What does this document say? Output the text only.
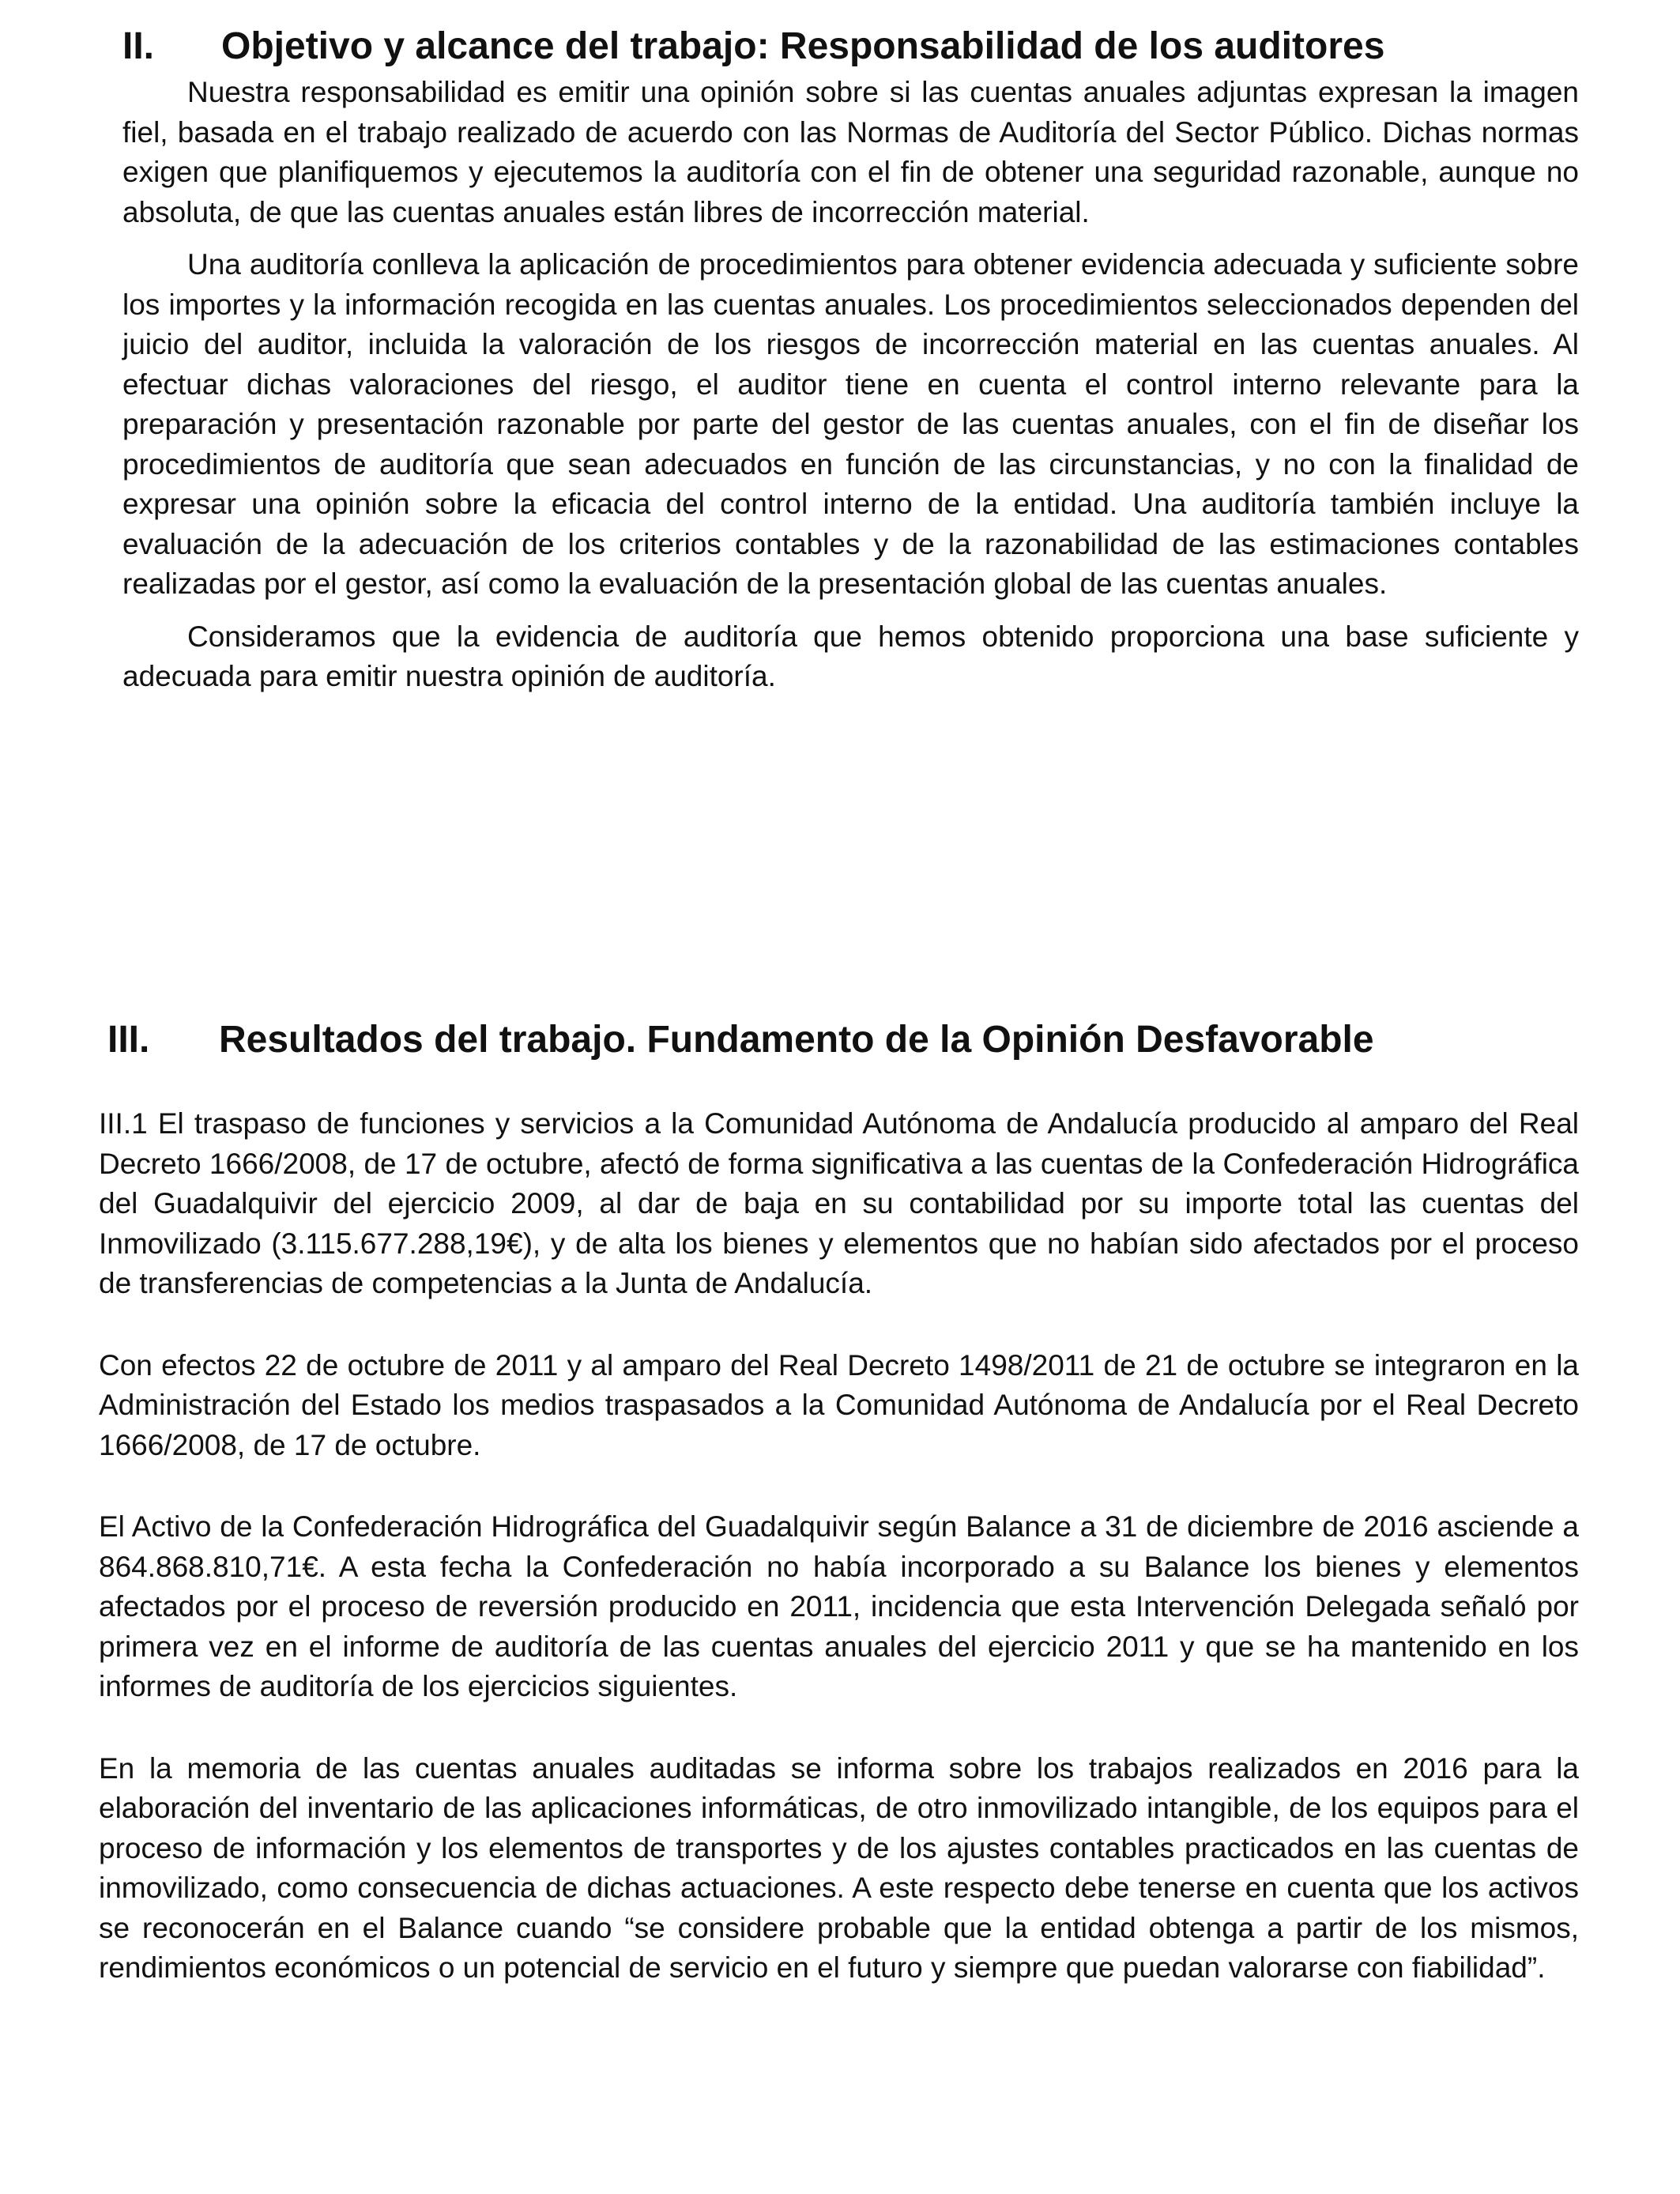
II. Objetivo y alcance del trabajo: Responsabilidad de los auditores

Nuestra responsabilidad es emitir una opinión sobre si las cuentas anuales adjuntas expresan la imagen fiel, basada en el trabajo realizado de acuerdo con las Normas de Auditoría del Sector Público. Dichas normas exigen que planifiquemos y ejecutemos la auditoría con el fin de obtener una seguridad razonable, aunque no absoluta, de que las cuentas anuales están libres de incorrección material.

Una auditoría conlleva la aplicación de procedimientos para obtener evidencia adecuada y suficiente sobre los importes y la información recogida en las cuentas anuales. Los procedimientos seleccionados dependen del juicio del auditor, incluida la valoración de los riesgos de incorrección material en las cuentas anuales. Al efectuar dichas valoraciones del riesgo, el auditor tiene en cuenta el control interno relevante para la preparación y presentación razonable por parte del gestor de las cuentas anuales, con el fin de diseñar los procedimientos de auditoría que sean adecuados en función de las circunstancias, y no con la finalidad de expresar una opinión sobre la eficacia del control interno de la entidad. Una auditoría también incluye la evaluación de la adecuación de los criterios contables y de la razonabilidad de las estimaciones contables realizadas por el gestor, así como la evaluación de la presentación global de las cuentas anuales.

Consideramos que la evidencia de auditoría que hemos obtenido proporciona una base suficiente y adecuada para emitir nuestra opinión de auditoría.

III. Resultados del trabajo. Fundamento de la Opinión Desfavorable

III.1 El traspaso de funciones y servicios a la Comunidad Autónoma de Andalucía producido al amparo del Real Decreto 1666/2008, de 17 de octubre, afectó de forma significativa a las cuentas de la Confederación Hidrográfica del Guadalquivir del ejercicio 2009, al dar de baja en su contabilidad por su importe total las cuentas del Inmovilizado (3.115.677.288,19€), y de alta los bienes y elementos que no habían sido afectados por el proceso de transferencias de competencias a la Junta de Andalucía.

Con efectos 22 de octubre de 2011 y al amparo del Real Decreto 1498/2011 de 21 de octubre se integraron en la Administración del Estado los medios traspasados a la Comunidad Autónoma de Andalucía por el Real Decreto 1666/2008, de 17 de octubre.

El Activo de la Confederación Hidrográfica del Guadalquivir según Balance a 31 de diciembre de 2016 asciende a 864.868.810,71€. A esta fecha la Confederación no había incorporado a su Balance los bienes y elementos afectados por el proceso de reversión producido en 2011, incidencia que esta Intervención Delegada señaló por primera vez en el informe de auditoría de las cuentas anuales del ejercicio 2011 y que se ha mantenido en los informes de auditoría de los ejercicios siguientes.

En la memoria de las cuentas anuales auditadas se informa sobre los trabajos realizados en 2016 para la elaboración del inventario de las aplicaciones informáticas, de otro inmovilizado intangible, de los equipos para el proceso de información y los elementos de transportes y de los ajustes contables practicados en las cuentas de inmovilizado, como consecuencia de dichas actuaciones. A este respecto debe tenerse en cuenta que los activos se reconocerán en el Balance cuando “se considere probable que la entidad obtenga a partir de los mismos, rendimientos económicos o un potencial de servicio en el futuro y siempre que puedan valorarse con fiabilidad”.
